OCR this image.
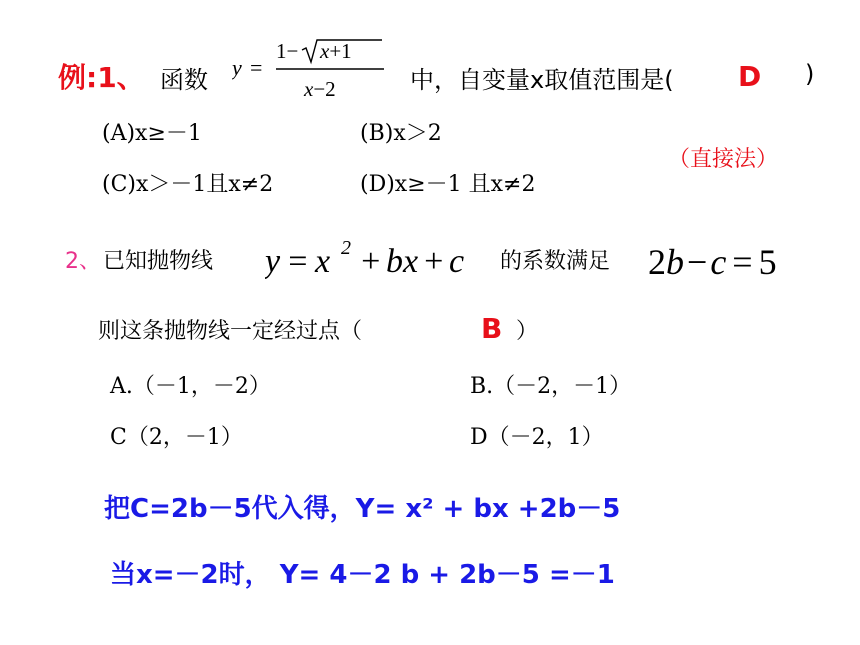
例:1、 函数 y =
1− x+1
x−2	中，自变量x取值范围是( D )
(A)x≥－1	(B)x＞2
(C)x＞－1且x≠2	(D)x≥－1 且x≠2
（直接法）
2、 已知抛物线 y = x 2 + bx + c 的系数满足 2b−c = 5
则这条抛物线一定经过点（	B ）
A.（－1，－2）	B.（－2，－1）
C（2，－1）	D（－2，1）
把C=2b－5代入得，Y= x² + bx +2b－5
当x=－2时， Y= 4－2 b + 2b－5 =－1
